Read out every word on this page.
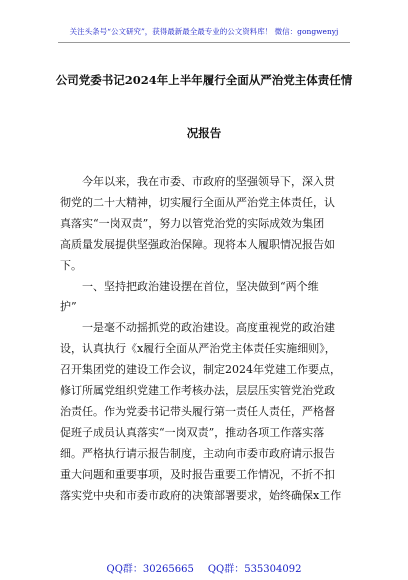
关注头条号“公文研究”，获得最新最全最专业的公文资料库！ 微信：gongwenyj
公司党委书记2024年上半年履行全面从严治党主体责任情
况报告
今年以来，我在市委、市政府的坚强领导下，深入贯
彻党的二十大精神，切实履行全面从严治党主体责任，认
真落实“一岗双责”，努力以管党治党的实际成效为集团
高质量发展提供坚强政治保障。现将本人履职情况报告如
下。
一、坚持把政治建设摆在首位，坚决做到“两个维
护”
一是毫不动摇抓党的政治建设。高度重视党的政治建
设，认真执行《x履行全面从严治党主体责任实施细则》，
召开集团党的建设工作会议，制定2024年党建工作要点，
修订所属党组织党建工作考核办法，层层压实管党治党政
治责任。作为党委书记带头履行第一责任人责任，严格督
促班子成员认真落实“一岗双责”，推动各项工作落实落
细。严格执行请示报告制度，主动向市委市政府请示报告
重大问题和重要事项，及时报告重要工作情况，不折不扣
落实党中央和市委市政府的决策部署要求，始终确保x工作
QQ群：30265665 QQ群：535304092
